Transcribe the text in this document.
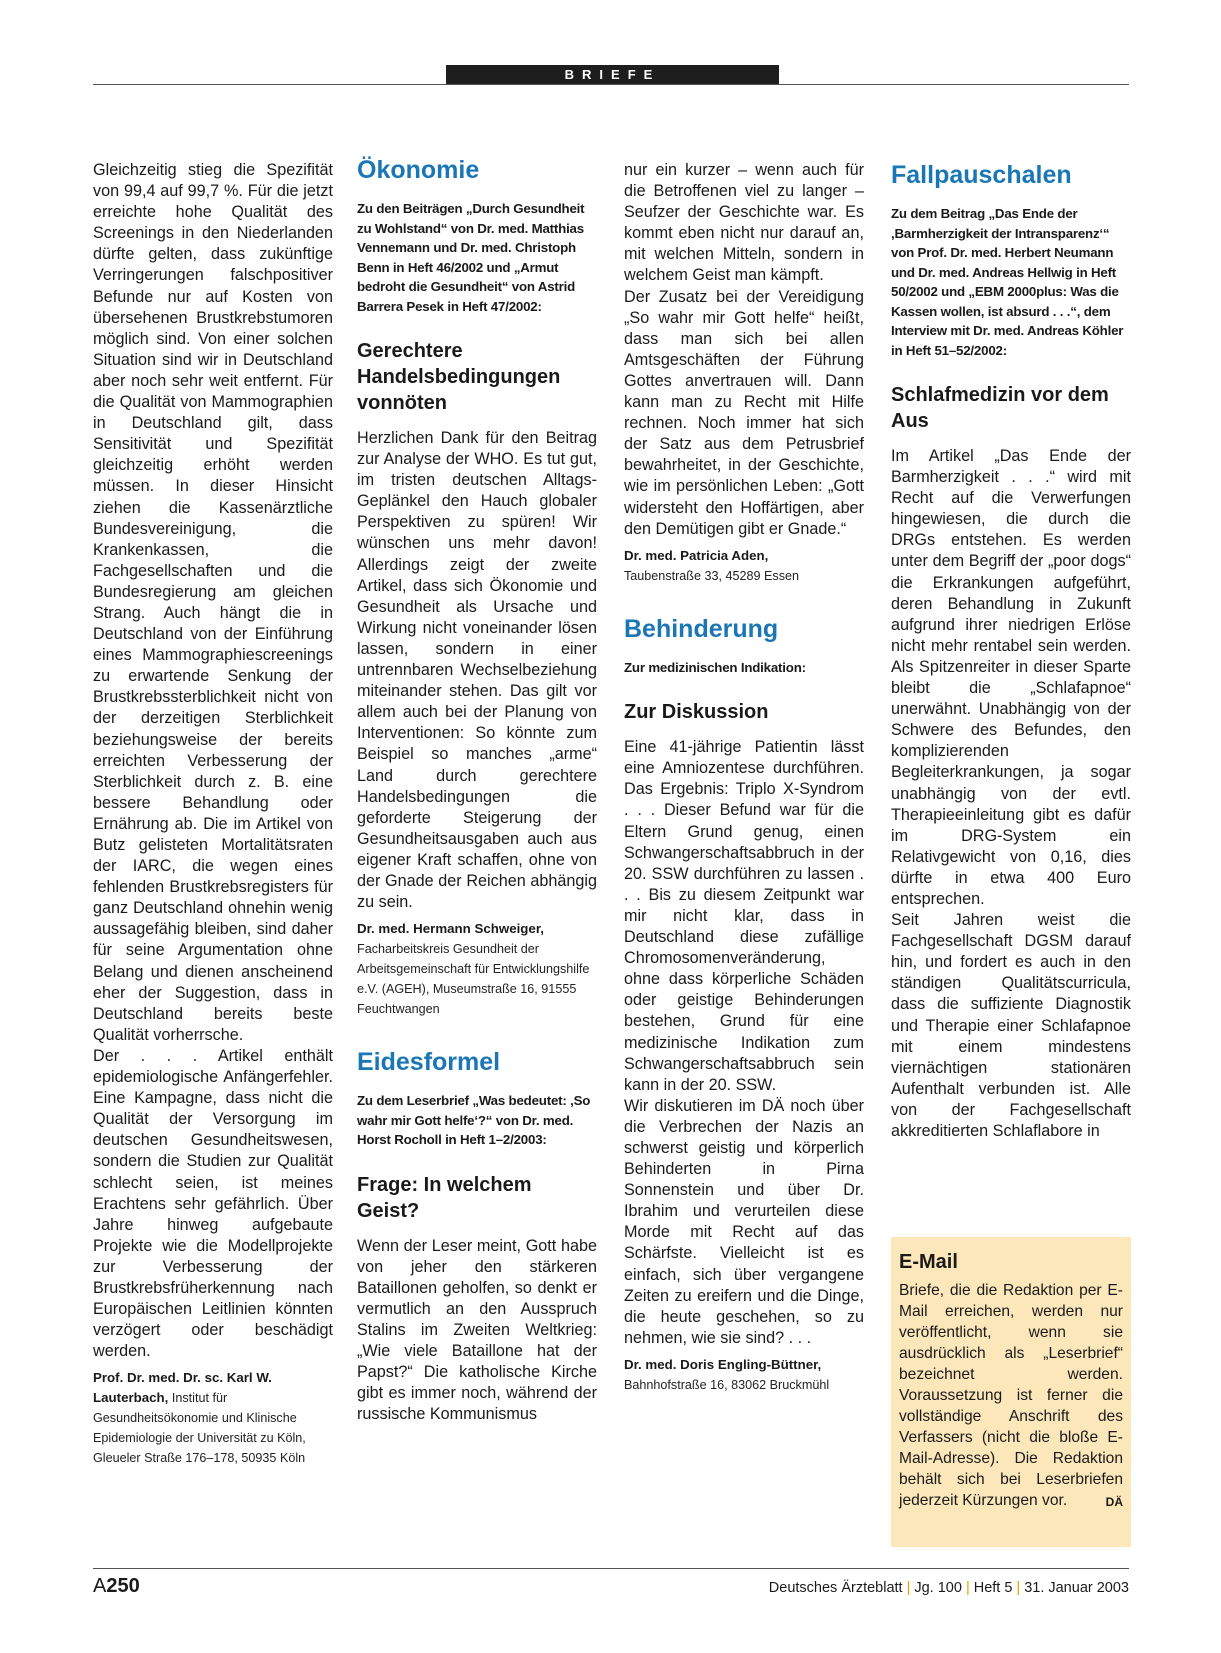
BRIEFE

Gleichzeitig stieg die Spezifität von 99,4 auf 99,7 %. Für die jetzt erreichte hohe Qualität des Screenings in den Niederlanden dürfte gelten, dass zukünftige Verringerungen falschpositiver Befunde nur auf Kosten von übersehenen Brustkrebstumoren möglich sind. Von einer solchen Situation sind wir in Deutschland aber noch sehr weit entfernt. Für die Qualität von Mammographien in Deutschland gilt, dass Sensitivität und Spezifität gleichzeitig erhöht werden müssen. In dieser Hinsicht ziehen die Kassenärztliche Bundesvereinigung, die Krankenkassen, die Fachgesellschaften und die Bundesregierung am gleichen Strang. Auch hängt die in Deutschland von der Einführung eines Mammographiescreenings zu erwartende Senkung der Brustkrebssterblichkeit nicht von der derzeitigen Sterblichkeit beziehungsweise der bereits erreichten Verbesserung der Sterblichkeit durch z. B. eine bessere Behandlung oder Ernährung ab. Die im Artikel von Butz gelisteten Mortalitätsraten der IARC, die wegen eines fehlenden Brustkrebsregisters für ganz Deutschland ohnehin wenig aussagefähig bleiben, sind daher für seine Argumentation ohne Belang und dienen anscheinend eher der Suggestion, dass in Deutschland bereits beste Qualität vorherrsche.

Der . . . Artikel enthält epidemiologische Anfängerfehler. Eine Kampagne, dass nicht die Qualität der Versorgung im deutschen Gesundheitswesen, sondern die Studien zur Qualität schlecht seien, ist meines Erachtens sehr gefährlich. Über Jahre hinweg aufgebaute Projekte wie die Modellprojekte zur Verbesserung der Brustkrebsfrüherkennung nach Europäischen Leitlinien könnten verzögert oder beschädigt werden.

Prof. Dr. med. Dr. sc. Karl W. Lauterbach, Institut für Gesundheitsökonomie und Klinische Epidemiologie der Universität zu Köln, Gleueler Straße 176–178, 50935 Köln

Ökonomie

Zu den Beiträgen „Durch Gesundheit zu Wohlstand“ von Dr. med. Matthias Vennemann und Dr. med. Christoph Benn in Heft 46/2002 und „Armut bedroht die Gesundheit“ von Astrid Barrera Pesek in Heft 47/2002:

Gerechtere Handelsbedingungen vonnöten

Herzlichen Dank für den Beitrag zur Analyse der WHO. Es tut gut, im tristen deutschen Alltags-Geplänkel den Hauch globaler Perspektiven zu spüren! Wir wünschen uns mehr davon! Allerdings zeigt der zweite Artikel, dass sich Ökonomie und Gesundheit als Ursache und Wirkung nicht voneinander lösen lassen, sondern in einer untrennbaren Wechselbeziehung miteinander stehen. Das gilt vor allem auch bei der Planung von Interventionen: So könnte zum Beispiel so manches „arme“ Land durch gerechtere Handelsbedingungen die geforderte Steigerung der Gesundheitsausgaben auch aus eigener Kraft schaffen, ohne von der Gnade der Reichen abhängig zu sein.

Dr. med. Hermann Schweiger,

Facharbeitskreis Gesundheit der Arbeitsgemeinschaft für Entwicklungshilfe e.V. (AGEH), Museumstraße 16, 91555 Feuchtwangen

Eidesformel

Zu dem Leserbrief „Was bedeutet: ,So wahr mir Gott helfe‘?“ von Dr. med. Horst Rocholl in Heft 1–2/2003:

Frage: In welchem Geist?

Wenn der Leser meint, Gott habe von jeher den stärkeren Bataillonen geholfen, so denkt er vermutlich an den Ausspruch Stalins im Zweiten Weltkrieg: „Wie viele Bataillone hat der Papst?“ Die katholische Kirche gibt es immer noch, während der russische Kommunismus

nur ein kurzer – wenn auch für die Betroffenen viel zu langer – Seufzer der Geschichte war. Es kommt eben nicht nur darauf an, mit welchen Mitteln, sondern in welchem Geist man kämpft.

Der Zusatz bei der Vereidigung „So wahr mir Gott helfe“ heißt, dass man sich bei allen Amtsgeschäften der Führung Gottes anvertrauen will. Dann kann man zu Recht mit Hilfe rechnen. Noch immer hat sich der Satz aus dem Petrusbrief bewahrheitet, in der Geschichte, wie im persönlichen Leben: „Gott widersteht den Hoffärtigen, aber den Demütigen gibt er Gnade.“

Dr. med. Patricia Aden,

Taubenstraße 33, 45289 Essen

Behinderung

Zur medizinischen Indikation:

Zur Diskussion

Eine 41-jährige Patientin lässt eine Amniozentese durchführen. Das Ergebnis: Triplo X-Syndrom . . . Dieser Befund war für die Eltern Grund genug, einen Schwangerschaftsabbruch in der 20. SSW durchführen zu lassen . . . Bis zu diesem Zeitpunkt war mir nicht klar, dass in Deutschland diese zufällige Chromosomenveränderung, ohne dass körperliche Schäden oder geistige Behinderungen bestehen, Grund für eine medizinische Indikation zum Schwangerschaftsabbruch sein kann in der 20. SSW.

Wir diskutieren im DÄ noch über die Verbrechen der Nazis an schwerst geistig und körperlich Behinderten in Pirna Sonnenstein und über Dr. Ibrahim und verurteilen diese Morde mit Recht auf das Schärfste. Vielleicht ist es einfach, sich über vergangene Zeiten zu ereifern und die Dinge, die heute geschehen, so zu nehmen, wie sie sind? . . .

Dr. med. Doris Engling-Büttner,

Bahnhofstraße 16, 83062 Bruckmühl

Fallpauschalen

Zu dem Beitrag „Das Ende der ,Barmherzigkeit der Intransparenz‘“ von Prof. Dr. med. Herbert Neumann und Dr. med. Andreas Hellwig in Heft 50/2002 und „EBM 2000plus: Was die Kassen wollen, ist absurd . . .“, dem Interview mit Dr. med. Andreas Köhler in Heft 51–52/2002:

Schlafmedizin vor dem Aus

Im Artikel „Das Ende der Barmherzigkeit . . .“ wird mit Recht auf die Verwerfungen hingewiesen, die durch die DRGs entstehen. Es werden unter dem Begriff der „poor dogs“ die Erkrankungen aufgeführt, deren Behandlung in Zukunft aufgrund ihrer niedrigen Erlöse nicht mehr rentabel sein werden. Als Spitzenreiter in dieser Sparte bleibt die „Schlafapnoe“ unerwähnt. Unabhängig von der Schwere des Befundes, den komplizierenden Begleiterkrankungen, ja sogar unabhängig von der evtl. Therapieeinleitung gibt es dafür im DRG-System ein Relativgewicht von 0,16, dies dürfte in etwa 400 Euro entsprechen.

Seit Jahren weist die Fachgesellschaft DGSM darauf hin, und fordert es auch in den ständigen Qualitätscurricula, dass die suffiziente Diagnostik und Therapie einer Schlafapnoe mit einem mindestens viernächtigen stationären Aufenthalt verbunden ist. Alle von der Fachgesellschaft akkreditierten Schlaflabore in

E-Mail

Briefe, die die Redaktion per E-Mail erreichen, werden nur veröffentlicht, wenn sie ausdrücklich als „Leserbrief“ bezeichnet werden. Voraussetzung ist ferner die vollständige Anschrift des Verfassers (nicht die bloße E-Mail-Adresse). Die Redaktion behält sich bei Leserbriefen jederzeit Kürzungen vor.	DÄ

A250	Deutsches Ärzteblatt | Jg. 100 | Heft 5 | 31. Januar 2003
